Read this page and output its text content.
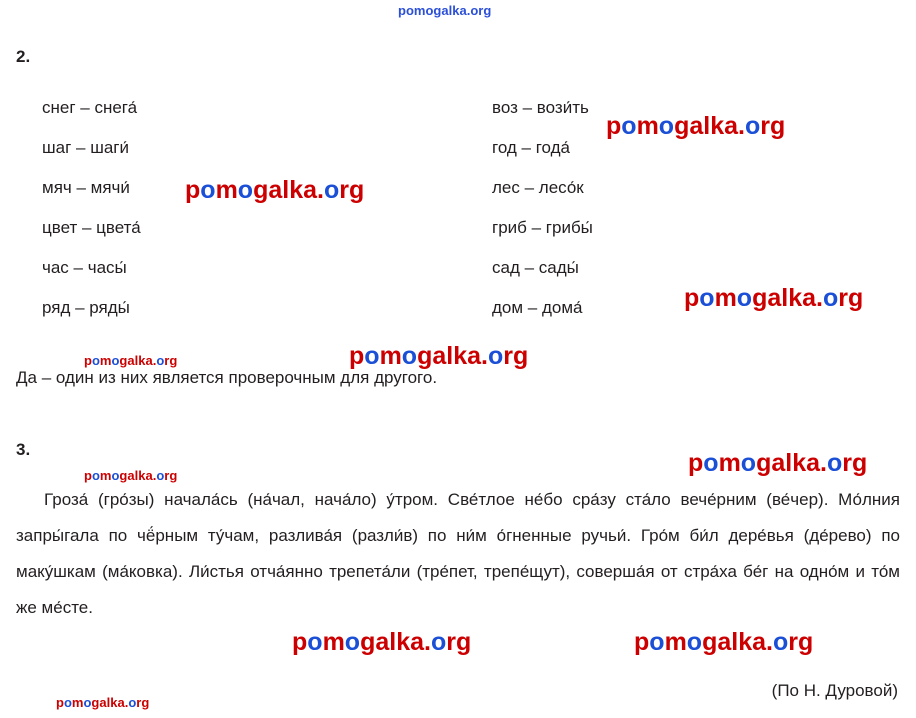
2.
снег – снега́
шаг – шаги́
мяч – мячи́
цвет – цвета́
час – часы́
ряд – ряды́
воз – вози́ть
год – года́
лес – лесо́к
гриб – грибы́
сад – сады́
дом – дома́
Да – один из них является проверочным для другого.
3.
Гроза́ (гро́зы) начала́сь (на́чал, нача́ло) у́тром. Све́тлое не́бо сра́зу ста́ло вече́рним (ве́чер). Мо́лния запры́гала по чё́рным ту́чам, разлива́я (разли́в) по ни́м о́гненные ручьи́. Гро́м би́л дере́вья (де́рево) по маку́шкам (ма́ковка). Ли́стья отча́янно трепета́ли (тре́пет, трепе́щут), соверша́я от стра́ха бе́г на одно́м и то́м же ме́сте.
(По Н. Дуровой)
pomogalka.org
pomogalka.org
pomogalka.org
pomogalka.org
pomogalka.org
pomogalka.org
pomogalka.org
pomogalka.org
pomogalka.org	pomogalka.org
pomogalka.org
